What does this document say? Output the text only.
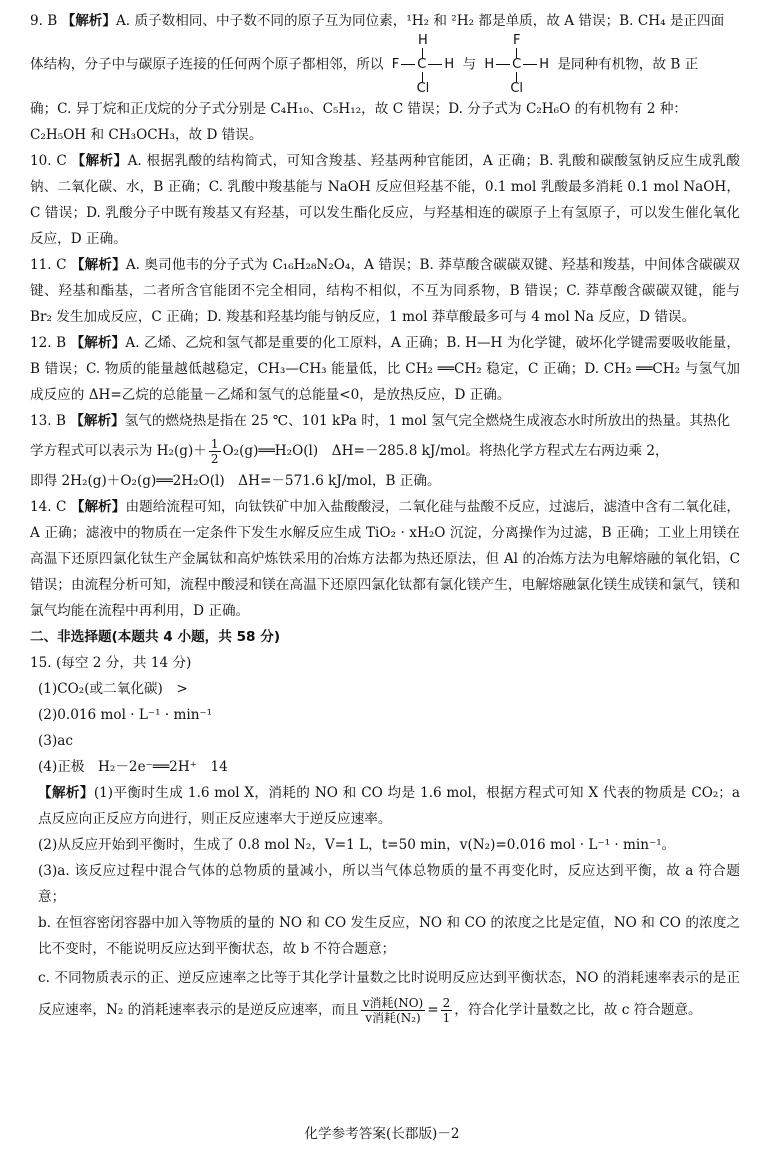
9. B 【解析】A. 质子数相同、中子数不同的原子互为同位素，¹H₂ 和 ²H₂ 都是单质，故 A 错误；B. CH₄ 是正四面

体结构，分子中与碳原子连接的任何两个原子都相邻，所以 H
F C H
Cl 与 F
H C H
Cl 是同种有机物，故 B 正

确；C. 异丁烷和正戊烷的分子式分别是 C₄H₁₀、C₅H₁₂，故 C 错误；D. 分子式为 C₂H₆O 的有机物有 2 种：

C₂H₅OH 和 CH₃OCH₃，故 D 错误。

10. C 【解析】A. 根据乳酸的结构简式，可知含羧基、羟基两种官能团，A 正确；B. 乳酸和碳酸氢钠反应生成乳酸钠、二氧化碳、水，B 正确；C. 乳酸中羧基能与 NaOH 反应但羟基不能，0.1 mol 乳酸最多消耗 0.1 mol NaOH，C 错误；D. 乳酸分子中既有羧基又有羟基，可以发生酯化反应，与羟基相连的碳原子上有氢原子，可以发生催化氧化反应，D 正确。

11. C 【解析】A. 奥司他韦的分子式为 C₁₆H₂₈N₂O₄，A 错误；B. 莽草酸含碳碳双键、羟基和羧基，中间体含碳碳双键、羟基和酯基，二者所含官能团不完全相同，结构不相似，不互为同系物，B 错误；C. 莽草酸含碳碳双键，能与 Br₂ 发生加成反应，C 正确；D. 羧基和羟基均能与钠反应，1 mol 莽草酸最多可与 4 mol Na 反应，D 错误。

12. B 【解析】A. 乙烯、乙烷和氢气都是重要的化工原料，A 正确；B. H—H 为化学键，破坏化学键需要吸收能量，B 错误；C. 物质的能量越低越稳定，CH₃—CH₃ 能量低，比 CH₂ ══CH₂ 稳定，C 正确；D. CH₂ ══CH₂ 与氢气加成反应的 ΔH=乙烷的总能量－乙烯和氢气的总能量<0，是放热反应，D 正确。

13. B 【解析】氢气的燃烧热是指在 25 ℃、101 kPa 时，1 mol 氢气完全燃烧生成液态水时所放出的热量。其热化

学方程式可以表示为 $H_2(g)+ \frac{1}{2}$ O₂(g)══H₂O(l)　ΔH=－285.8 kJ/mol。将热化学方程式左右两边乘 2，

即得 2H₂(g)＋O₂(g)══2H₂O(l)　ΔH=－571.6 kJ/mol，B 正确。

14. C 【解析】由题给流程可知，向钛铁矿中加入盐酸酸浸，二氧化硅与盐酸不反应，过滤后，滤渣中含有二氧化硅，A 正确；滤液中的物质在一定条件下发生水解反应生成 TiO₂ · xH₂O 沉淀，分离操作为过滤，B 正确；工业上用镁在高温下还原四氯化钛生产金属钛和高炉炼铁采用的冶炼方法都为热还原法，但 Al 的冶炼方法为电解熔融的氧化铝，C 错误；由流程分析可知，流程中酸浸和镁在高温下还原四氯化钛都有氯化镁产生，电解熔融氯化镁生成镁和氯气，镁和氯气均能在流程中再利用，D 正确。

二、非选择题(本题共 4 小题，共 58 分)

15. (每空 2 分，共 14 分)

(1)CO₂(或二氧化碳)　>

(2)0.016 mol · L⁻¹ · min⁻¹

(3)ac

(4)正极　H₂－2e⁻══2H⁺　14

【解析】(1)平衡时生成 1.6 mol X，消耗的 NO 和 CO 均是 1.6 mol，根据方程式可知 X 代表的物质是 CO₂；a 点反应向正反应方向进行，则正反应速率大于逆反应速率。

(2)从反应开始到平衡时，生成了 0.8 mol N₂，V=1 L，t=50 min，v(N₂)=0.016 mol · L⁻¹ · min⁻¹。

(3)a. 该反应过程中混合气体的总物质的量减小，所以当气体总物质的量不再变化时，反应达到平衡，故 a 符合题意；

b. 在恒容密闭容器中加入等物质的量的 NO 和 CO 发生反应，NO 和 CO 的浓度之比是定值，NO 和 CO 的浓度之比不变时，不能说明反应达到平衡状态，故 b 不符合题意；

c. 不同物质表示的正、逆反应速率之比等于其化学计量数之比时说明反应达到平衡状态，NO 的消耗速率表示的是正反应速率，N₂ 的消耗速率表示的是逆反应速率，而且 $\frac{\text{v消耗(NO)}}{\text{v消耗(N₂)}} = \frac{2}{1}$ ，符合化学计量数之比，故 c 符合题意。

化学参考答案(长郡版)－2
